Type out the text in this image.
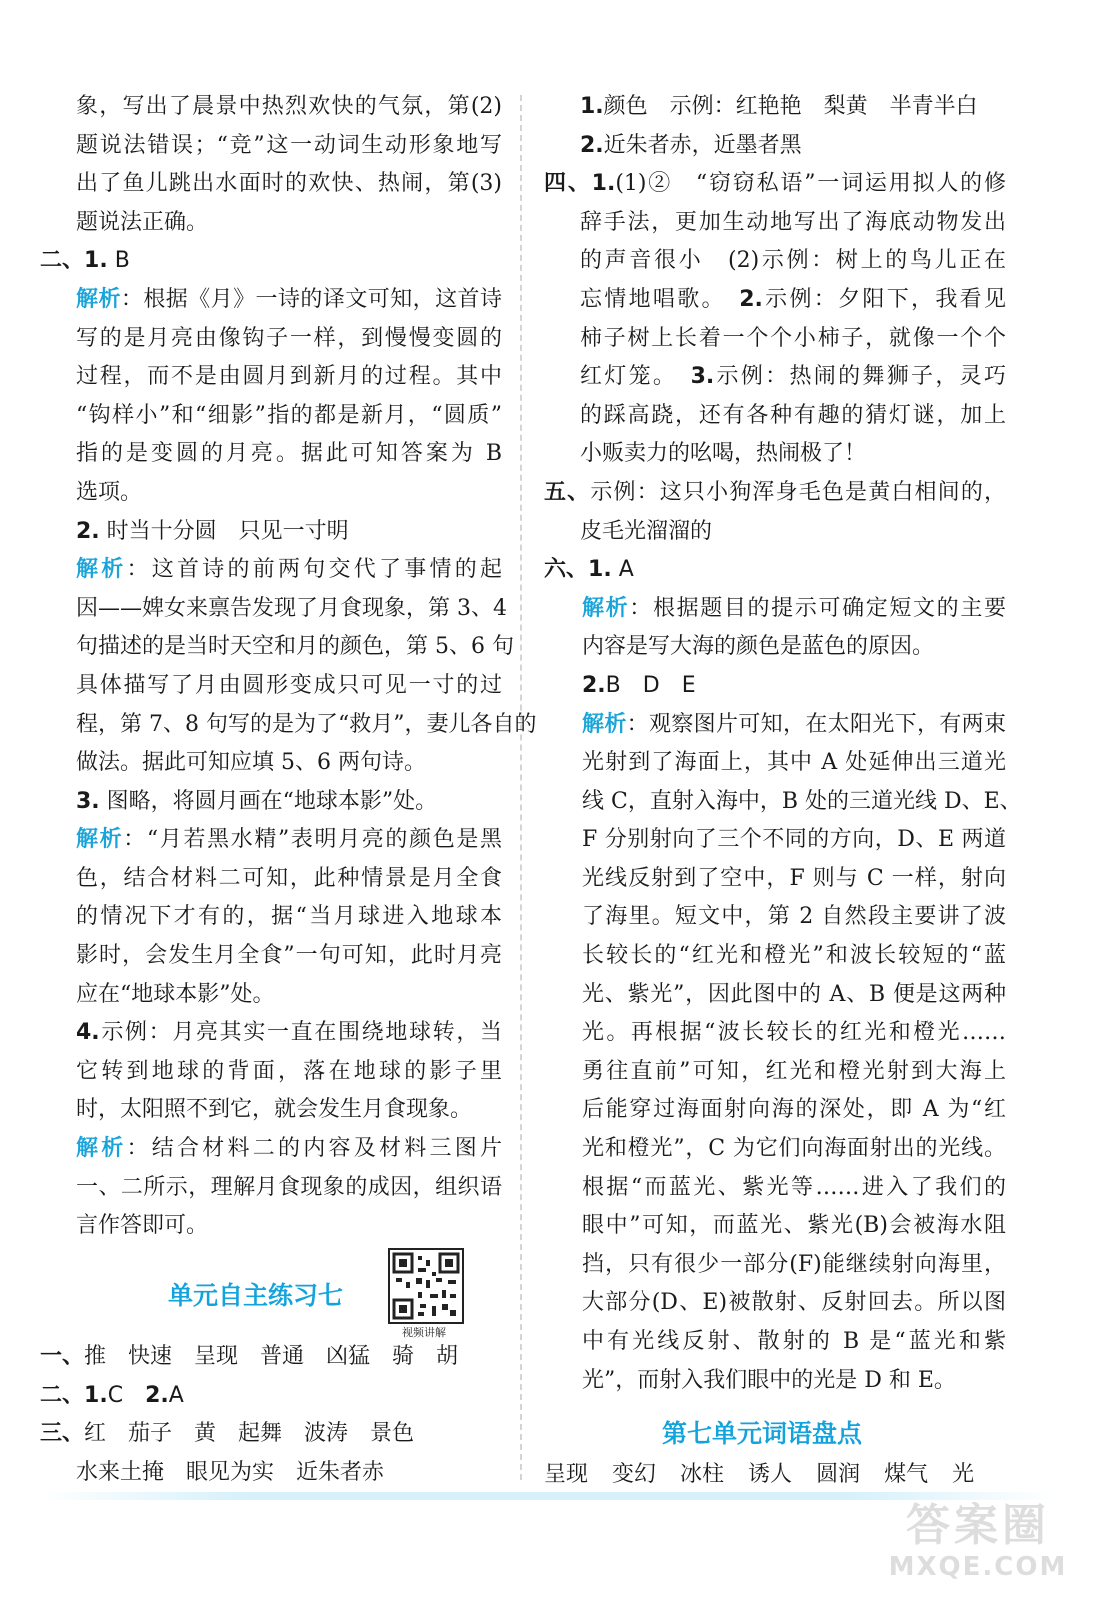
象，写出了晨景中热烈欢快的气氛，第(2)
题说法错误；“竞”这一动词生动形象地写
出了鱼儿跳出水面时的欢快、热闹，第(3)
题说法正确。
二、1. B
解析：根据《月》一诗的译文可知，这首诗
写的是月亮由像钩子一样，到慢慢变圆的
过程，而不是由圆月到新月的过程。其中
“钩样小”和“细影”指的都是新月，“圆质”
指的是变圆的月亮。据此可知答案为 B
选项。
2. 时当十分圆　只见一寸明
解析：这首诗的前两句交代了事情的起
因——婢女来禀告发现了月食现象，第 3、4
句描述的是当时天空和月的颜色，第 5、6 句
具体描写了月由圆形变成只可见一寸的过
程，第 7、8 句写的是为了“救月”，妻儿各自的
做法。据此可知应填 5、6 两句诗。
3. 图略，将圆月画在“地球本影”处。
解析：“月若黑水精”表明月亮的颜色是黑
色，结合材料二可知，此种情景是月全食
的情况下才有的，据“当月球进入地球本
影时，会发生月全食”一句可知，此时月亮
应在“地球本影”处。
4.示例：月亮其实一直在围绕地球转，当
它转到地球的背面，落在地球的影子里
时，太阳照不到它，就会发生月食现象。
解析：结合材料二的内容及材料三图片
一、二所示，理解月食现象的成因，组织语
言作答即可。
单元自主练习七
视频讲解
一、推　快速　呈现　普通　凶猛　骑　胡
二、1.C　 2.A
三、红　茄子　黄　起舞　波涛　景色
水来土掩　眼见为实　近朱者赤
1.颜色　示例：红艳艳　梨黄　半青半白
2.近朱者赤，近墨者黑
四、1.(1)②　“窃窃私语”一词运用拟人的修
辞手法，更加生动地写出了海底动物发出
的声音很小　(2)示例：树上的鸟儿正在
忘情地唱歌。　2.示例：夕阳下，我看见
柿子树上长着一个个小柿子，就像一个个
红灯笼。　3.示例：热闹的舞狮子，灵巧
的踩高跷，还有各种有趣的猜灯谜，加上
小贩卖力的吆喝，热闹极了！
五、示例：这只小狗浑身毛色是黄白相间的，
皮毛光溜溜的
六、1. A
解析：根据题目的提示可确定短文的主要
内容是写大海的颜色是蓝色的原因。
2.B　D　E
解析：观察图片可知，在太阳光下，有两束
光射到了海面上，其中 A 处延伸出三道光
线 C，直射入海中，B 处的三道光线 D、E、
F 分别射向了三个不同的方向，D、E 两道
光线反射到了空中，F 则与 C 一样，射向
了海里。短文中，第 2 自然段主要讲了波
长较长的“红光和橙光”和波长较短的“蓝
光、紫光”，因此图中的 A、B 便是这两种
光。再根据“波长较长的红光和橙光……
勇往直前”可知，红光和橙光射到大海上
后能穿过海面射向海的深处，即 A 为“红
光和橙光”，C 为它们向海面射出的光线。
根据“而蓝光、紫光等……进入了我们的
眼中”可知，而蓝光、紫光(B)会被海水阻
挡，只有很少一部分(F)能继续射向海里，
大部分(D、E)被散射、反射回去。所以图
中有光线反射、散射的 B 是“蓝光和紫
光”，而射入我们眼中的光是 D 和 E。
第七单元词语盘点
呈现 变幻 冰柱 诱人 圆润 煤气 光
答案圈
MXQE.COM
